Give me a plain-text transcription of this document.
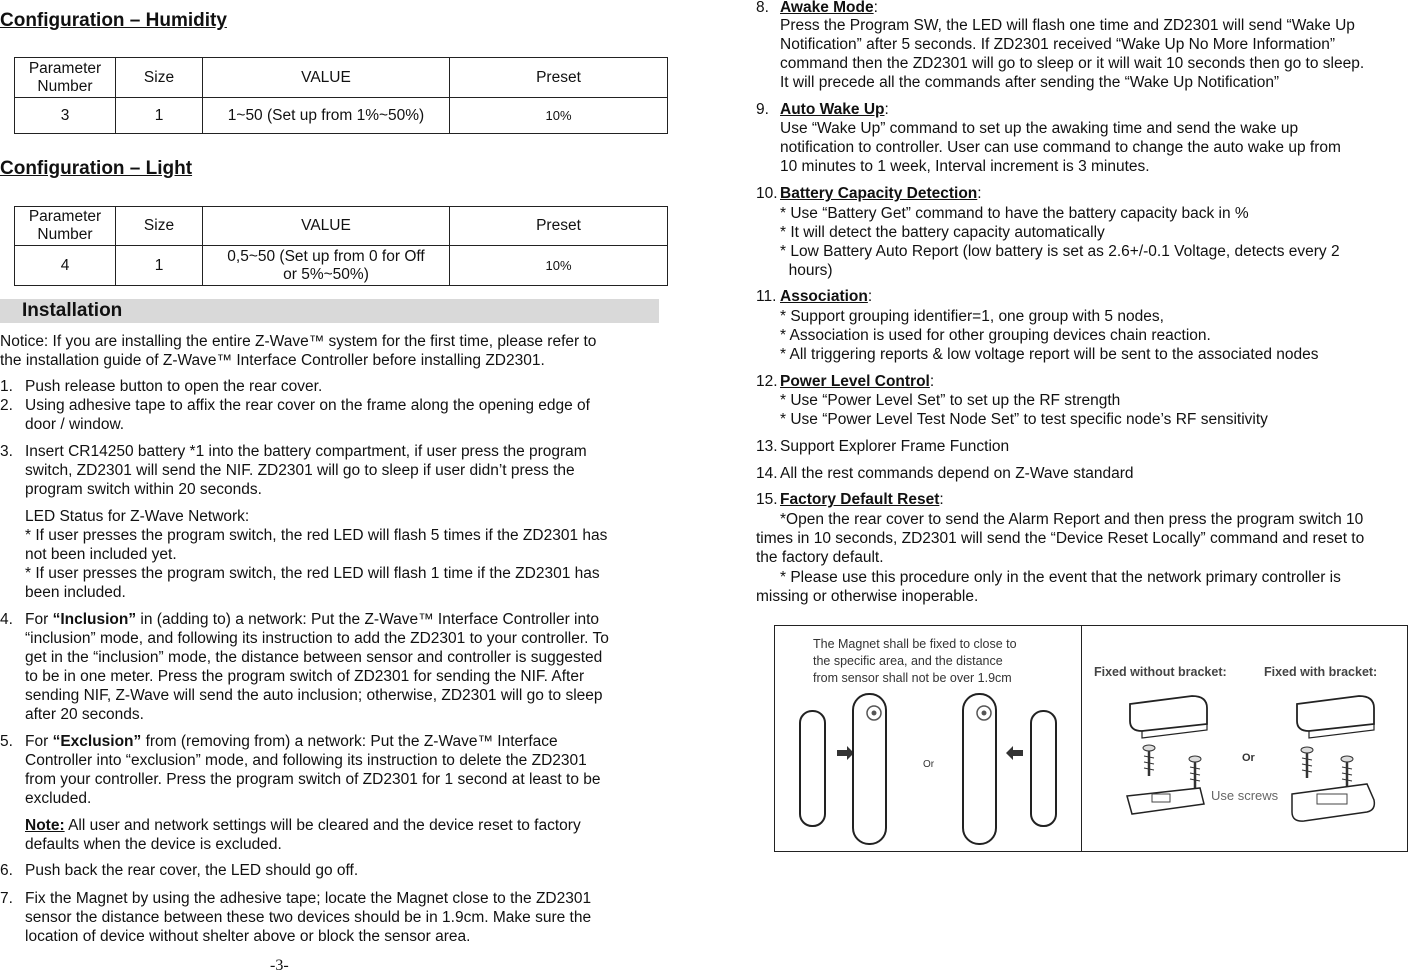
Configuration – Humidity
Parameter
Number	Size	VALUE	Preset
3	1	1~50 (Set up from 1%~50%)	10%
Configuration – Light
Parameter
Number	Size	VALUE	Preset
4	1	0,5~50 (Set up from 0 for Off
or 5%~50%)	10%
Installation
Notice: If you are installing the entire Z-Wave™ system for the first time, please refer to
the installation guide of Z-Wave™ Interface Controller before installing ZD2301.
1. Push release button to open the rear cover.
2. Using adhesive tape to affix the rear cover on the frame along the opening edge of
door / window.
3. Insert CR14250 battery *1 into the battery compartment, if user press the program
switch, ZD2301 will send the NIF. ZD2301 will go to sleep if user didn’t press the
program switch within 20 seconds.
LED Status for Z-Wave Network:
* If user presses the program switch, the red LED will flash 5 times if the ZD2301 has
not been included yet.
* If user presses the program switch, the red LED will flash 1 time if the ZD2301 has
been included.
4. For “Inclusion” in (adding to) a network: Put the Z-Wave™ Interface Controller into
“inclusion” mode, and following its instruction to add the ZD2301 to your controller. To
get in the “inclusion” mode, the distance between sensor and controller is suggested
to be in one meter. Press the program switch of ZD2301 for sending the NIF. After
sending NIF, Z-Wave will send the auto inclusion; otherwise, ZD2301 will go to sleep
after 20 seconds.
5. For “Exclusion” from (removing from) a network: Put the Z-Wave™ Interface
Controller into “exclusion” mode, and following its instruction to delete the ZD2301
from your controller. Press the program switch of ZD2301 for 1 second at least to be
excluded.
Note: All user and network settings will be cleared and the device reset to factory
defaults when the device is excluded.
6. Push back the rear cover, the LED should go off.
7. Fix the Magnet by using the adhesive tape; locate the Magnet close to the ZD2301
sensor the distance between these two devices should be in 1.9cm. Make sure the
location of device without shelter above or block the sensor area.
-3-
8. Awake Mode:
Press the Program SW, the LED will flash one time and ZD2301 will send “Wake Up
Notification” after 5 seconds. If ZD2301 received “Wake Up No More Information”
command then the ZD2301 will go to sleep or it will wait 10 seconds then go to sleep.
It will precede all the commands after sending the “Wake Up Notification”
9. Auto Wake Up:
Use “Wake Up” command to set up the awaking time and send the wake up
notification to controller. User can use command to change the auto wake up from
10 minutes to 1 week, Interval increment is 3 minutes.
10. Battery Capacity Detection:
* Use “Battery Get” command to have the battery capacity back in %
* It will detect the battery capacity automatically
* Low Battery Auto Report (low battery is set as 2.6+/-0.1 Voltage, detects every 2
hours)
11. Association:
* Support grouping identifier=1, one group with 5 nodes,
* Association is used for other grouping devices chain reaction.
* All triggering reports & low voltage report will be sent to the associated nodes
12. Power Level Control:
* Use “Power Level Set” to set up the RF strength
* Use “Power Level Test Node Set” to test specific node’s RF sensitivity
13. Support Explorer Frame Function
14. All the rest commands depend on Z-Wave standard
15. Factory Default Reset:
*Open the rear cover to send the Alarm Report and then press the program switch 10
times in 10 seconds, ZD2301 will send the “Device Reset Locally” command and reset to
the factory default.
* Please use this procedure only in the event that the network primary controller is
missing or otherwise inoperable.
The Magnet shall be fixed to close to
the specific area, and the distance
from sensor shall not be over 1.9cm
Or
Fixed without bracket:	Fixed with bracket:
Or
Use screws
